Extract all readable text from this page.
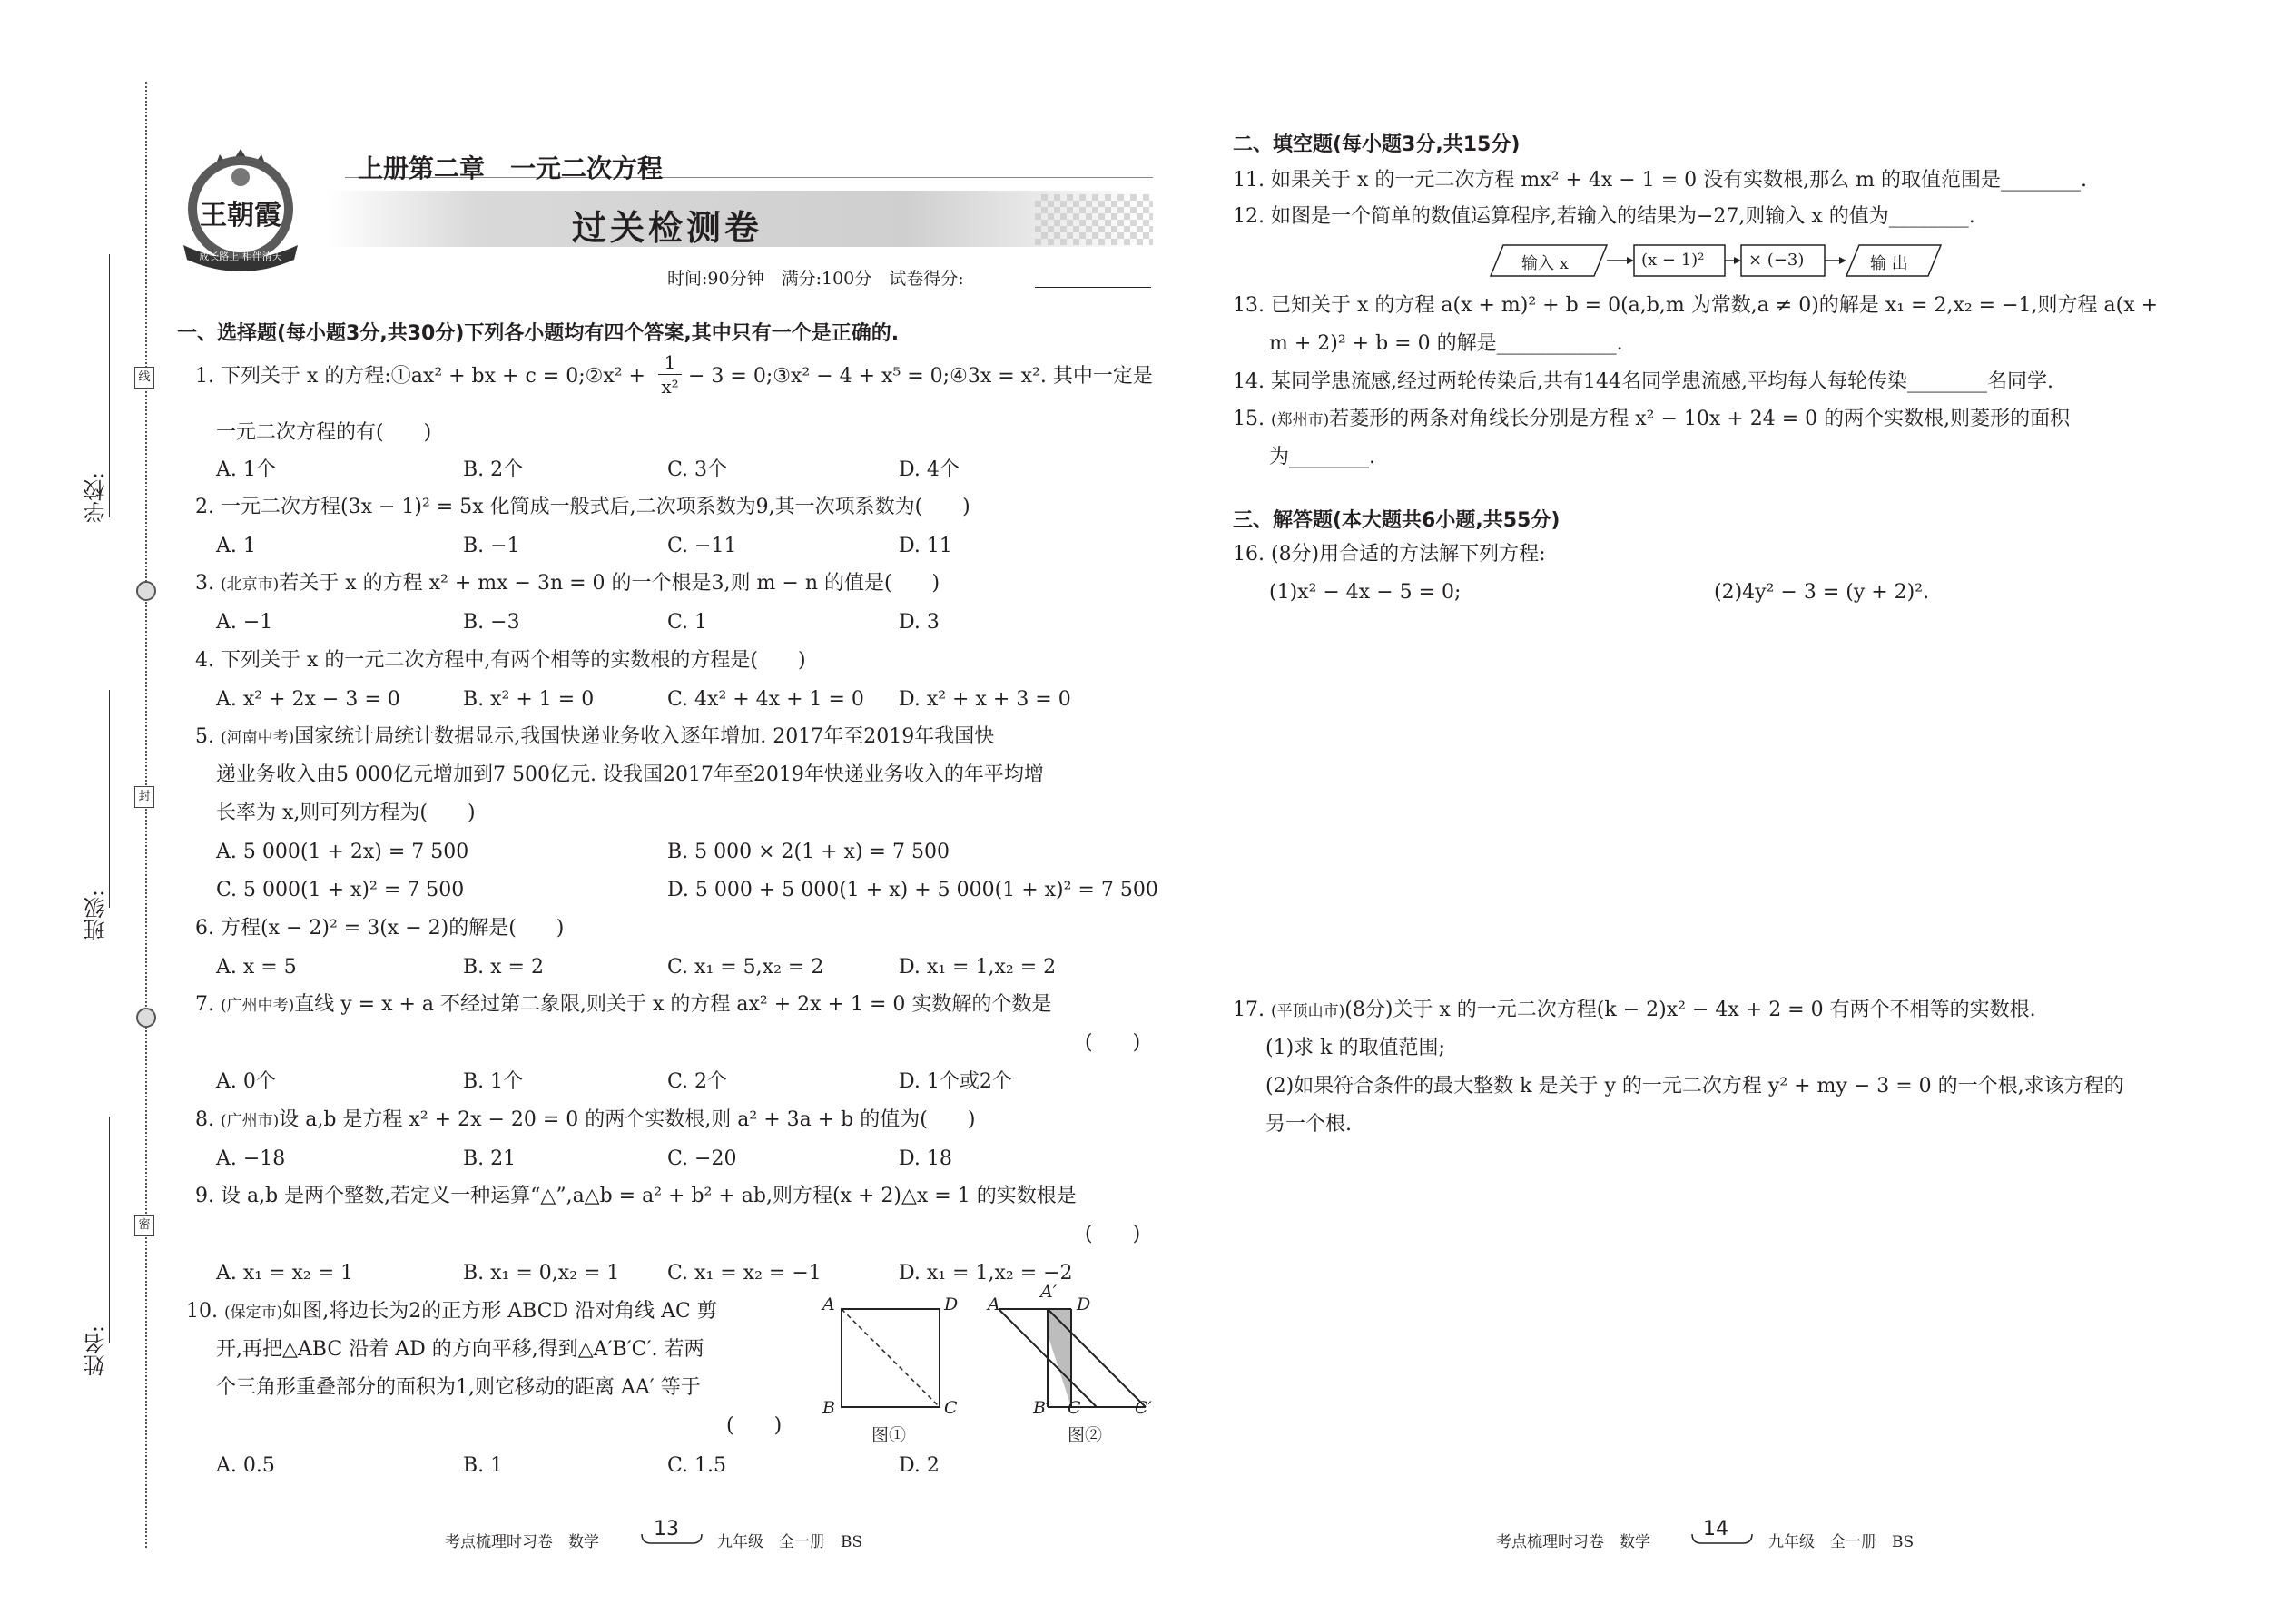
线
学校:
封
班级:
密
姓名:
王朝霞
成长路上 相伴清天
上册第二章　一元二次方程
过关检测卷
时间:90分钟　满分:100分　试卷得分:
一、选择题(每小题3分,共30分)下列各小题均有四个答案,其中只有一个是正确的.
1. 下列关于 x 的方程:①ax² + bx + c = 0;②x² + $\frac{1}{\text{x²}} - 3$ = 0;③x² − 4 + x⁵ = 0;④3x = x². 其中一定是
一元二次方程的有(　　)
A. 1个	B. 2个	C. 3个	D. 4个
2. 一元二次方程(3x − 1)² = 5x 化简成一般式后,二次项系数为9,其一次项系数为(　　)
A. 1	B. −1	C. −11	D. 11
3. (北京市)若关于 x 的方程 x² + mx − 3n = 0 的一个根是3,则 m − n 的值是(　　)
A. −1	B. −3	C. 1	D. 3
4. 下列关于 x 的一元二次方程中,有两个相等的实数根的方程是(　　)
A. x² + 2x − 3 = 0	B. x² + 1 = 0	C. 4x² + 4x + 1 = 0 D. x² + x + 3 = 0
5. (河南中考)国家统计局统计数据显示,我国快递业务收入逐年增加. 2017年至2019年我国快
递业务收入由5 000亿元增加到7 500亿元. 设我国2017年至2019年快递业务收入的年平均增
长率为 x,则可列方程为(　　)
A. 5 000(1 + 2x) = 7 500	B. 5 000 × 2(1 + x) = 7 500
C. 5 000(1 + x)² = 7 500	D. 5 000 + 5 000(1 + x) + 5 000(1 + x)² = 7 500
6. 方程(x − 2)² = 3(x − 2)的解是(　　)
A. x = 5	B. x = 2	C. x₁ = 5,x₂ = 2	D. x₁ = 1,x₂ = 2
7. (广州中考)直线 y = x + a 不经过第二象限,则关于 x 的方程 ax² + 2x + 1 = 0 实数解的个数是
(　　)
A. 0个	B. 1个	C. 2个	D. 1个或2个
8. (广州市)设 a,b 是方程 x² + 2x − 20 = 0 的两个实数根,则 a² + 3a + b 的值为(　　)
A. −18	B. 21	C. −20	D. 18
9. 设 a,b 是两个整数,若定义一种运算“△”,a△b = a² + b² + ab,则方程(x + 2)△x = 1 的实数根是
(　　)
A. x₁ = x₂ = 1	B. x₁ = 0,x₂ = 1 C. x₁ = x₂ = −1	D. x₁ = 1,x₂ = −2
10. (保定市)如图,将边长为2的正方形 ABCD 沿对角线 AC 剪
开,再把△ABC 沿着 AD 的方向平移,得到△A′B′C′. 若两
个三角形重叠部分的面积为1,则它移动的距离 AA′ 等于
(　　)
A. 0.5	B. 1	C. 1.5	D. 2
A	D
B	C
图①
A
A′
D
B′ C	C′
图②
考点梳理时习卷　数学
13
九年级　全一册　BS
二、填空题(每小题3分,共15分)
11. 如果关于 x 的一元二次方程 mx² + 4x − 1 = 0 没有实数根,那么 m 的取值范围是________.
12. 如图是一个简单的数值运算程序,若输入的结果为−27,则输入 x 的值为________.
输入 x	(x − 1)²	× (−3)	输 出
13. 已知关于 x 的方程 a(x + m)² + b = 0(a,b,m 为常数,a ≠ 0)的解是 x₁ = 2,x₂ = −1,则方程 a(x +
m + 2)² + b = 0 的解是____________.
14. 某同学患流感,经过两轮传染后,共有144名同学患流感,平均每人每轮传染________名同学.
15. (郑州市)若菱形的两条对角线长分别是方程 x² − 10x + 24 = 0 的两个实数根,则菱形的面积
为________.
三、解答题(本大题共6小题,共55分)
16. (8分)用合适的方法解下列方程:
(1)x² − 4x − 5 = 0;	(2)4y² − 3 = (y + 2)².
17. (平顶山市)(8分)关于 x 的一元二次方程(k − 2)x² − 4x + 2 = 0 有两个不相等的实数根.
(1)求 k 的取值范围;
(2)如果符合条件的最大整数 k 是关于 y 的一元二次方程 y² + my − 3 = 0 的一个根,求该方程的
另一个根.
考点梳理时习卷　数学
14
九年级　全一册　BS
